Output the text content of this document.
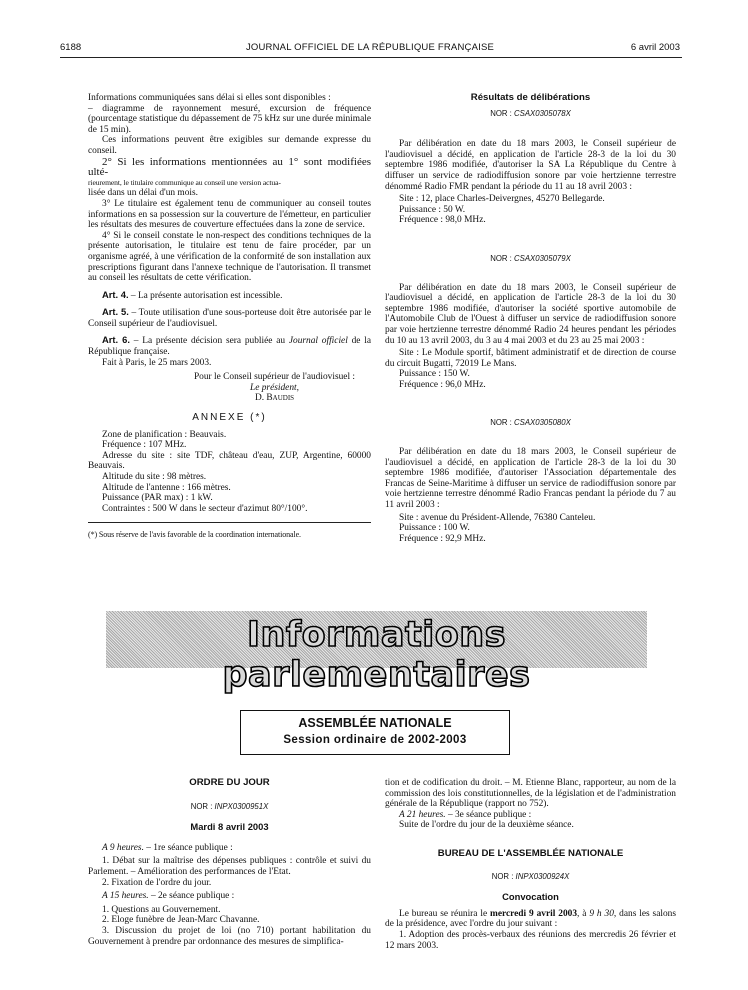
6188	JOURNAL OFFICIEL DE LA RÉPUBLIQUE FRANÇAISE	6 avril 2003

Informations communiquées sans délai si elles sont disponibles :

– diagramme de rayonnement mesuré, excursion de fréquence (pourcentage statistique du dépassement de 75 kHz sur une durée minimale de 15 min).

Ces informations peuvent être exigibles sur demande expresse du conseil.

2° Si les informations mentionnées au 1° sont modifiées ulté-

rieurement, le titulaire communique au conseil une version actua-

lisée dans un délai d'un mois.

3° Le titulaire est également tenu de communiquer au conseil toutes informations en sa possession sur la couverture de l'émetteur, en particulier les résultats des mesures de couverture effectuées dans la zone de service.

4° Si le conseil constate le non-respect des conditions techniques de la présente autorisation, le titulaire est tenu de faire procéder, par un organisme agréé, à une vérification de la conformité de son installation aux prescriptions figurant dans l'annexe technique de l'autorisation. Il transmet au conseil les résultats de cette vérification.

Art. 4. – La présente autorisation est incessible.

Art. 5. – Toute utilisation d'une sous-porteuse doit être autorisée par le Conseil supérieur de l'audiovisuel.

Art. 6. – La présente décision sera publiée au Journal officiel de la République française.

Fait à Paris, le 25 mars 2003.

Pour le Conseil supérieur de l'audiovisuel :

Le président,

D. Baudis

ANNEXE (*)

Zone de planification : Beauvais.

Fréquence : 107 MHz.

Adresse du site : site TDF, château d'eau, ZUP, Argentine, 60000 Beauvais.

Altitude du site : 98 mètres.

Altitude de l'antenne : 166 mètres.

Puissance (PAR max) : 1 kW.

Contraintes : 500 W dans le secteur d'azimut 80°/100°.

(*) Sous réserve de l'avis favorable de la coordination internationale.

Résultats de délibérations

NOR : CSAX0305078X

Par délibération en date du 18 mars 2003, le Conseil supérieur de l'audiovisuel a décidé, en application de l'article 28-3 de la loi du 30 septembre 1986 modifiée, d'autoriser la SA La République du Centre à diffuser un service de radiodiffusion sonore par voie hertzienne terrestre dénommé Radio FMR pendant la période du 11 au 18 avril 2003 :

Site : 12, place Charles-Deivergnes, 45270 Bellegarde.

Puissance : 50 W.

Fréquence : 98,0 MHz.

NOR : CSAX0305079X

Par délibération en date du 18 mars 2003, le Conseil supérieur de l'audiovisuel a décidé, en application de l'article 28-3 de la loi du 30 septembre 1986 modifiée, d'autoriser la société sportive automobile de l'Automobile Club de l'Ouest à diffuser un service de radiodiffusion sonore par voie hertzienne terrestre dénommé Radio 24 heures pendant les périodes du 10 au 13 avril 2003, du 3 au 4 mai 2003 et du 23 au 25 mai 2003 :

Site : Le Module sportif, bâtiment administratif et de direction de course du circuit Bugatti, 72019 Le Mans.

Puissance : 150 W.

Fréquence : 96,0 MHz.

NOR : CSAX0305080X

Par délibération en date du 18 mars 2003, le Conseil supérieur de l'audiovisuel a décidé, en application de l'article 28-3 de la loi du 30 septembre 1986 modifiée, d'autoriser l'Association départementale des Francas de Seine-Maritime à diffuser un service de radiodiffusion sonore par voie hertzienne terrestre dénommé Radio Francas pendant la période du 7 au 11 avril 2003 :

Site : avenue du Président-Allende, 76380 Canteleu.

Puissance : 100 W.

Fréquence : 92,9 MHz.

Informations parlementaires
ASSEMBLÉE NATIONALE
Session ordinaire de 2002-2003

ORDRE DU JOUR

NOR : INPX0300951X

Mardi 8 avril 2003

A 9 heures. – 1re séance publique :

1. Débat sur la maîtrise des dépenses publiques : contrôle et suivi du Parlement. – Amélioration des performances de l'Etat.

2. Fixation de l'ordre du jour.

A 15 heures. – 2e séance publique :

1. Questions au Gouvernement.

2. Eloge funèbre de Jean-Marc Chavanne.

3. Discussion du projet de loi (no 710) portant habilitation du Gouvernement à prendre par ordonnance des mesures de simplifica-

tion et de codification du droit. – M. Etienne Blanc, rapporteur, au nom de la commission des lois constitutionnelles, de la législation et de l'administration générale de la République (rapport no 752).

A 21 heures. – 3e séance publique :

Suite de l'ordre du jour de la deuxième séance.

BUREAU DE L'ASSEMBLÉE NATIONALE

NOR : INPX0300924X

Convocation

Le bureau se réunira le mercredi 9 avril 2003, à 9 h 30, dans les salons de la présidence, avec l'ordre du jour suivant :

1. Adoption des procès-verbaux des réunions des mercredis 26 février et 12 mars 2003.
